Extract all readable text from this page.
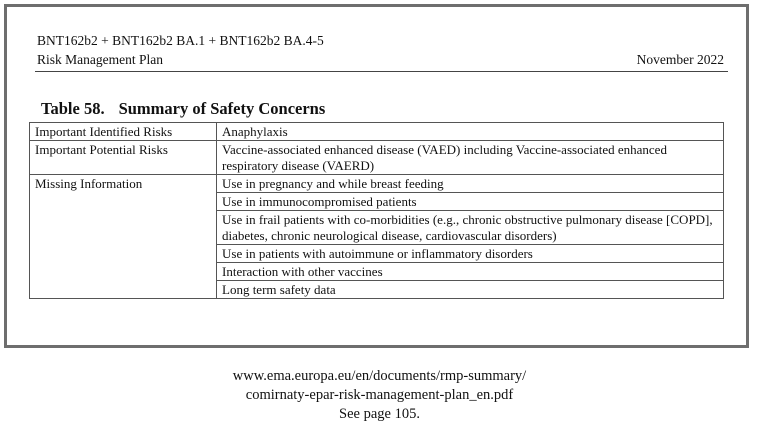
BNT162b2 + BNT162b2 BA.1 + BNT162b2 BA.4-5
Risk Management Plan	November 2022
Table 58. Summary of Safety Concerns
Important Identified Risks	Anaphylaxis
Important Potential Risks	Vaccine-associated enhanced disease (VAED) including Vaccine-associated enhanced respiratory disease (VAERD)
Missing Information	Use in pregnancy and while breast feeding
	Use in immunocompromised patients
	Use in frail patients with co-morbidities (e.g., chronic obstructive pulmonary disease [COPD], diabetes, chronic neurological disease, cardiovascular disorders)
	Use in patients with autoimmune or inflammatory disorders
	Interaction with other vaccines
	Long term safety data
www.ema.europa.eu/en/documents/rmp-summary/
comirnaty-epar-risk-management-plan_en.pdf
See page 105.
